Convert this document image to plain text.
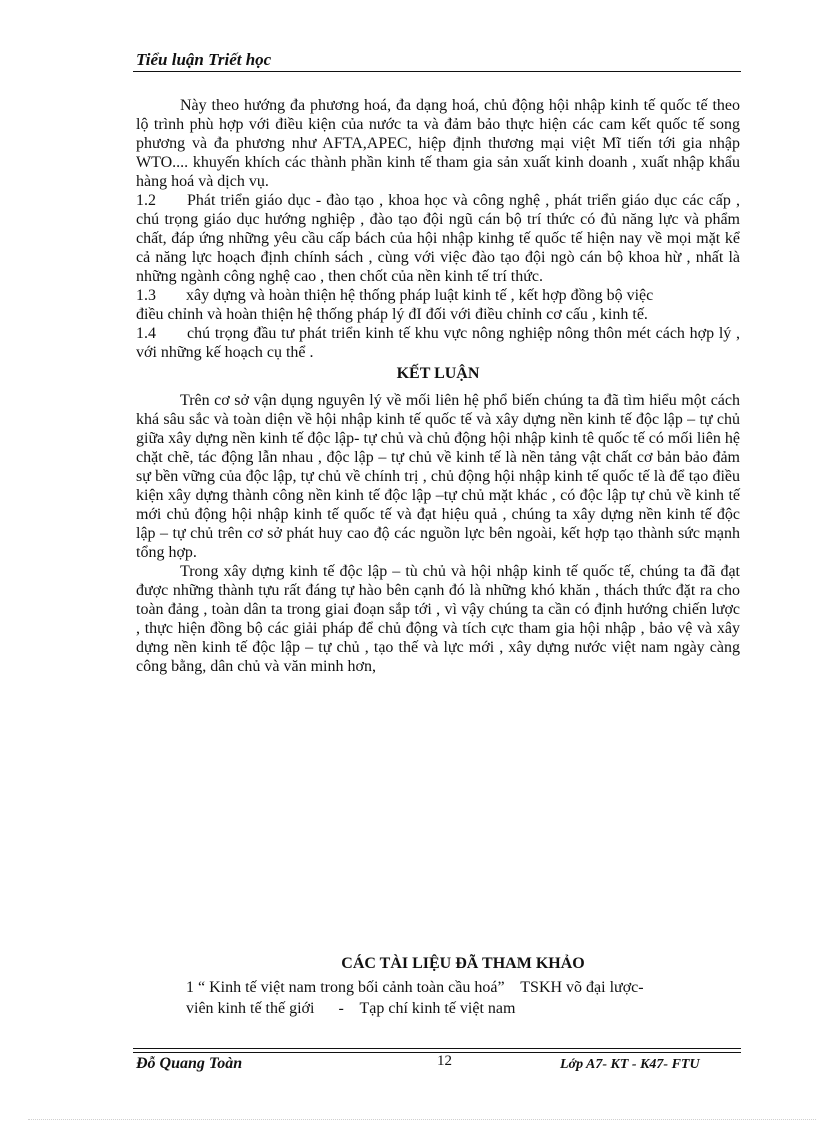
Tiểu luận Triết học

Này theo hướng đa phương hoá, đa dạng hoá, chủ động hội nhập kinh tế quốc tế theo lộ trình phù hợp với điều kiện của nước ta và đảm bảo thực hiện các cam kết quốc tế song phương và đa phương như AFTA,APEC, hiệp định thương mại việt Mĩ tiến tới gia nhập WTO.... khuyến khích các thành phần kinh tế tham gia sản xuất kinh doanh , xuất nhập khẩu hàng hoá và dịch vụ.

1.2 Phát triển giáo dục - đào tạo , khoa học và công nghệ , phát triển giáo dục các cấp , chú trọng giáo dục hướng nghiệp , đào tạo đội ngũ cán bộ trí thức có đủ năng lực và phẩm chất, đáp ứng những yêu cầu cấp bách của hội nhập kinhg tế quốc tế hiện nay về mọi mặt kể cả năng lực hoạch định chính sách , cùng với việc đào tạo đội ngò cán bộ khoa hừ , nhất là những ngành công nghệ cao , then chốt của nền kinh tế trí thức.

1.3 xây dựng và hoàn thiện hệ thống pháp luật kinh tế , kết hợp đồng bộ việc

điều chỉnh và hoàn thiện hệ thống pháp lý đI đối với điều chỉnh cơ cấu , kinh tế.

1.4 chú trọng đầu tư phát triển kinh tế khu vực nông nghiệp nông thôn mét cách hợp lý , với những kế hoạch cụ thể .

KẾT LUẬN

Trên cơ sở vận dụng nguyên lý về mối liên hệ phổ biến chúng ta đã tìm hiểu một cách khá sâu sắc và toàn diện về hội nhập kinh tế quốc tế và xây dựng nền kinh tế độc lập – tự chủ giữa xây dựng nền kinh tế độc lập- tự chủ và chủ động hội nhập kinh tê quốc tế có mối liên hệ chặt chẽ, tác động lẫn nhau , độc lập – tự chủ về kinh tế là nền tảng vật chất cơ bản bảo đảm sự bền vững của độc lập, tự chủ về chính trị , chủ động hội nhập kinh tế quốc tế là để tạo điều kiện xây dựng thành công nền kinh tế độc lập –tự chủ mặt khác , có độc lập tự chủ về kinh tế mới chủ động hội nhập kinh tế quốc tế và đạt hiệu quả , chúng ta xây dựng nền kinh tế độc lập – tự chủ trên cơ sở phát huy cao độ các nguồn lực bên ngoài, kết hợp tạo thành sức mạnh tổng hợp.

Trong xây dựng kinh tế độc lập – tù chủ và hội nhập kinh tế quốc tế, chúng ta đã đạt được những thành tựu rất đáng tự hào bên cạnh đó là những khó khăn , thách thức đặt ra cho toàn đảng , toàn dân ta trong giai đoạn sắp tới , vì vậy chúng ta cần có định hướng chiến lược , thực hiện đồng bộ các giải pháp để chủ động và tích cực tham gia hội nhập , bảo vệ và xây dựng nền kinh tế độc lập – tự chủ , tạo thế và lực mới , xây dựng nước việt nam ngày càng công bằng, dân chủ và văn minh hơn,

CÁC TÀI LIỆU ĐÃ THAM KHẢO
1 “ Kinh tế việt nam trong bối cảnh toàn cầu hoá”    TSKH võ đại lược-
viên kinh tế thế giới      -    Tạp chí kinh tế việt nam
Đỗ Quang Toàn	12	Lớp A7- KT - K47- FTU
